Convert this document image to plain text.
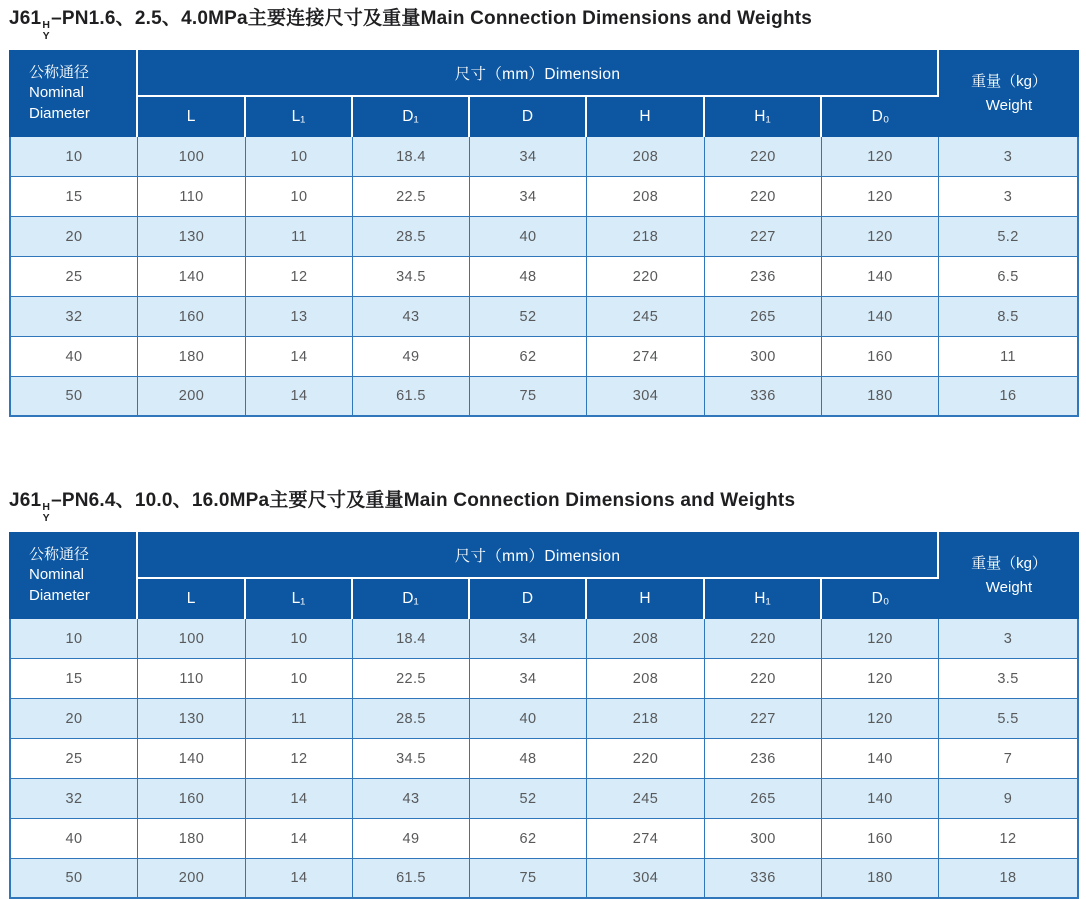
J61 H
Y
–PN1.6、2.5、4.0MPa主要连接尺寸及重量Main Connection Dimensions and Weights
公称通径
Nominal
Diameter	尺寸（mm）Dimension							重量（kg）
Weight

	L	L₁	D₁	D	H	H₁	D₀	
10	100	10	18.4	34	208	220	120	3
15	110	10	22.5	34	208	220	120	3
20	130	11	28.5	40	218	227	120	5.2
25	140	12	34.5	48	220	236	140	6.5
32	160	13	43	52	245	265	140	8.5
40	180	14	49	62	274	300	160	11
50	200	14	61.5	75	304	336	180	16
J61 H
Y
–PN6.4、10.0、16.0MPa主要尺寸及重量Main Connection Dimensions and Weights
公称通径
Nominal
Diameter	尺寸（mm）Dimension							重量（kg）
Weight

	L	L₁	D₁	D	H	H₁	D₀	
10	100	10	18.4	34	208	220	120	3
15	110	10	22.5	34	208	220	120	3.5
20	130	11	28.5	40	218	227	120	5.5
25	140	12	34.5	48	220	236	140	7
32	160	14	43	52	245	265	140	9
40	180	14	49	62	274	300	160	12
50	200	14	61.5	75	304	336	180	18
